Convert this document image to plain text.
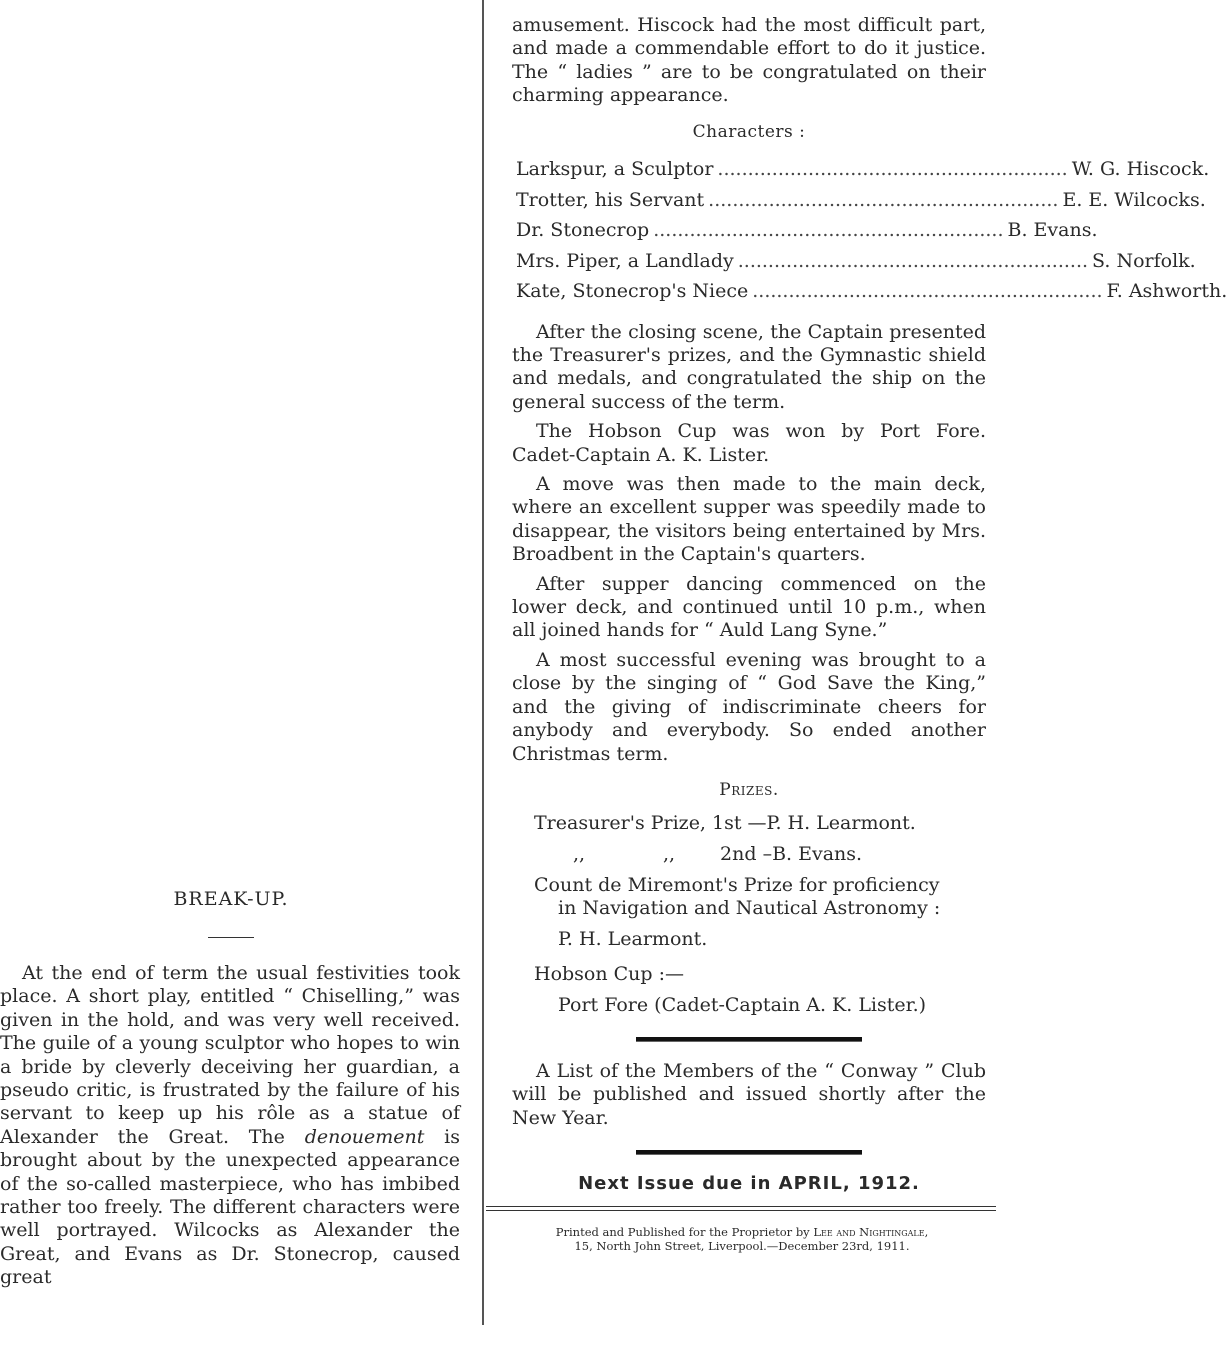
BREAK-UP.

At the end of term the usual festivities took place. A short play, entitled “ Chiselling,” was given in the hold, and was very well received. The guile of a young sculptor who hopes to win a bride by cleverly deceiving her guardian, a pseudo critic, is frustrated by the failure of his servant to keep up his rôle as a statue of Alexander the Great. The denouement is brought about by the unexpected appearance of the so-called masterpiece, who has imbibed rather too freely. The different characters were well portrayed. Wilcocks as Alexander the Great, and Evans as Dr. Stonecrop, caused great

amusement. Hiscock had the most difficult part, and made a commendable effort to do it justice. The “ ladies ” are to be congratulated on their charming appearance.

Characters :
Larkspur, a Sculptor .......................................................... W. G. Hiscock.
Trotter, his Servant .......................................................... E. E. Wilcocks.
Dr. Stonecrop .......................................................... B. Evans.
Mrs. Piper, a Landlady .......................................................... S. Norfolk.
Kate, Stonecrop's Niece .......................................................... F. Ashworth.

After the closing scene, the Captain presented the Treasurer's prizes, and the Gymnastic shield and medals, and congratulated the ship on the general success of the term.

The Hobson Cup was won by Port Fore. Cadet-Captain A. K. Lister.

A move was then made to the main deck, where an excellent supper was speedily made to disappear, the visitors being entertained by Mrs. Broadbent in the Captain's quarters.

After supper dancing commenced on the lower deck, and continued until 10 p.m., when all joined hands for “ Auld Lang Syne.”

A most successful evening was brought to a close by the singing of “ God Save the King,” and the giving of indiscriminate cheers for anybody and everybody. So ended another Christmas term.

Prizes.

Treasurer's Prize, 1st —P. H. Learmont.

,,	,, 2nd –B. Evans.

Count de Miremont's Prize for proficiency

in Navigation and Nautical Astronomy :

P. H. Learmont.

Hobson Cup :—

Port Fore (Cadet-Captain A. K. Lister.)

A List of the Members of the “ Conway ” Club will be published and issued shortly after the New Year.

Next Issue due in APRIL, 1912.
Printed and Published for the Proprietor by Lee and Nightingale,
15, North John Street, Liverpool.—December 23rd, 1911.
